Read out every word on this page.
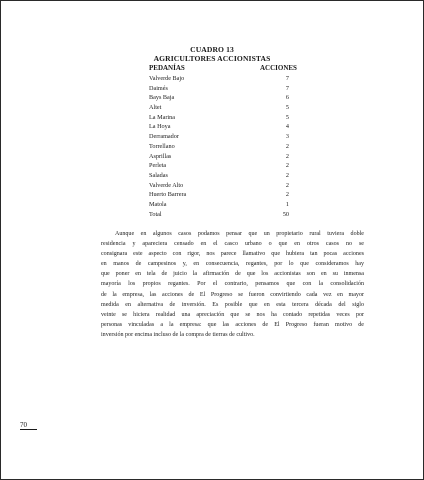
CUADRO 13
AGRICULTORES ACCIONISTAS
PEDANÍAS	ACCIONES
Valverde Bajo	7
Daimés	7
Bays Baja	6
Altet	5
La Marina	5
La Hoya	4
Derramador	3
Torrellano	2
Asprillas	2
Perleta	2
Saladas	2
Valverde Alto	2
Huerto Barrera	2
Matola	1
Total	50
Aunque en algunos casos podamos pensar que un propietario rural tuviera doble
residencia y apareciera censado en el casco urbano o que en otros casos no se
consignara este aspecto con rigor, nos parece llamativo que hubiera tan pocas acciones
en manos de campesinos y, en consecuencia, regantes, por lo que consideramos hay
que poner en tela de juicio la afirmación de que los accionistas son en su inmensa
mayoría los propios regantes. Por el contrario, pensamos que con la consolidación
de la empresa, las acciones de El Progreso se fueron convirtiendo cada vez en mayor
medida en alternativa de inversión. Es posible que en esta tercera década del siglo
veinte se hiciera realidad una apreciación que se nos ha contado repetidas veces por
personas vinculadas a la empresa: que las acciones de El Progreso fueran motivo de
inversión por encima incluso de la compra de tierras de cultivo.
70
